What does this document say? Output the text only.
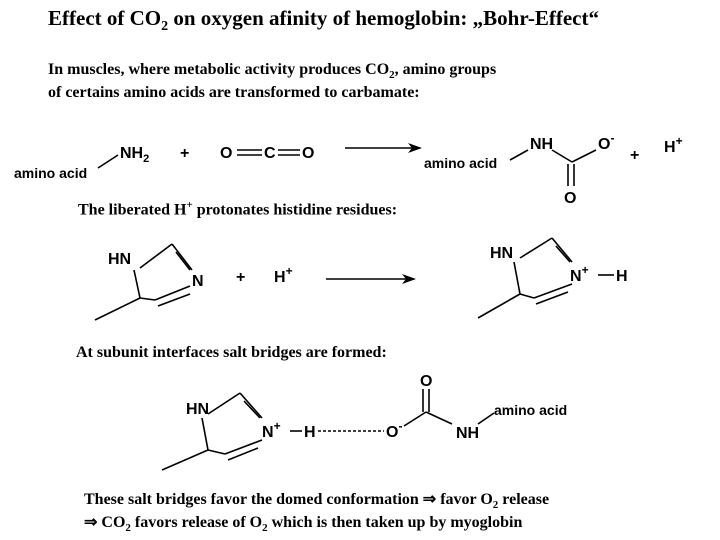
Effect of $CO_2$ on oxygen afinity of hemoglobin: „Bohr-Effect“
In muscles, where metabolic activity produces $CO_2$, amino groups
of certains amino acids are transformed to carbamate:
The liberated H+ protonates histidine residues:
At subunit interfaces salt bridges are formed:
These salt bridges favor the domed conformation ⇒ favor $O_2$ release
⇒ $CO_2$ favors release of $O_2$ which is then taken up by myoglobin
amino acid
$NH_2 + O$ C O
amino acid
NH	O-
O
+ H+
HN
N + H+
HN
N+ H
HN
N+ H	O-
O
NH
amino acid
